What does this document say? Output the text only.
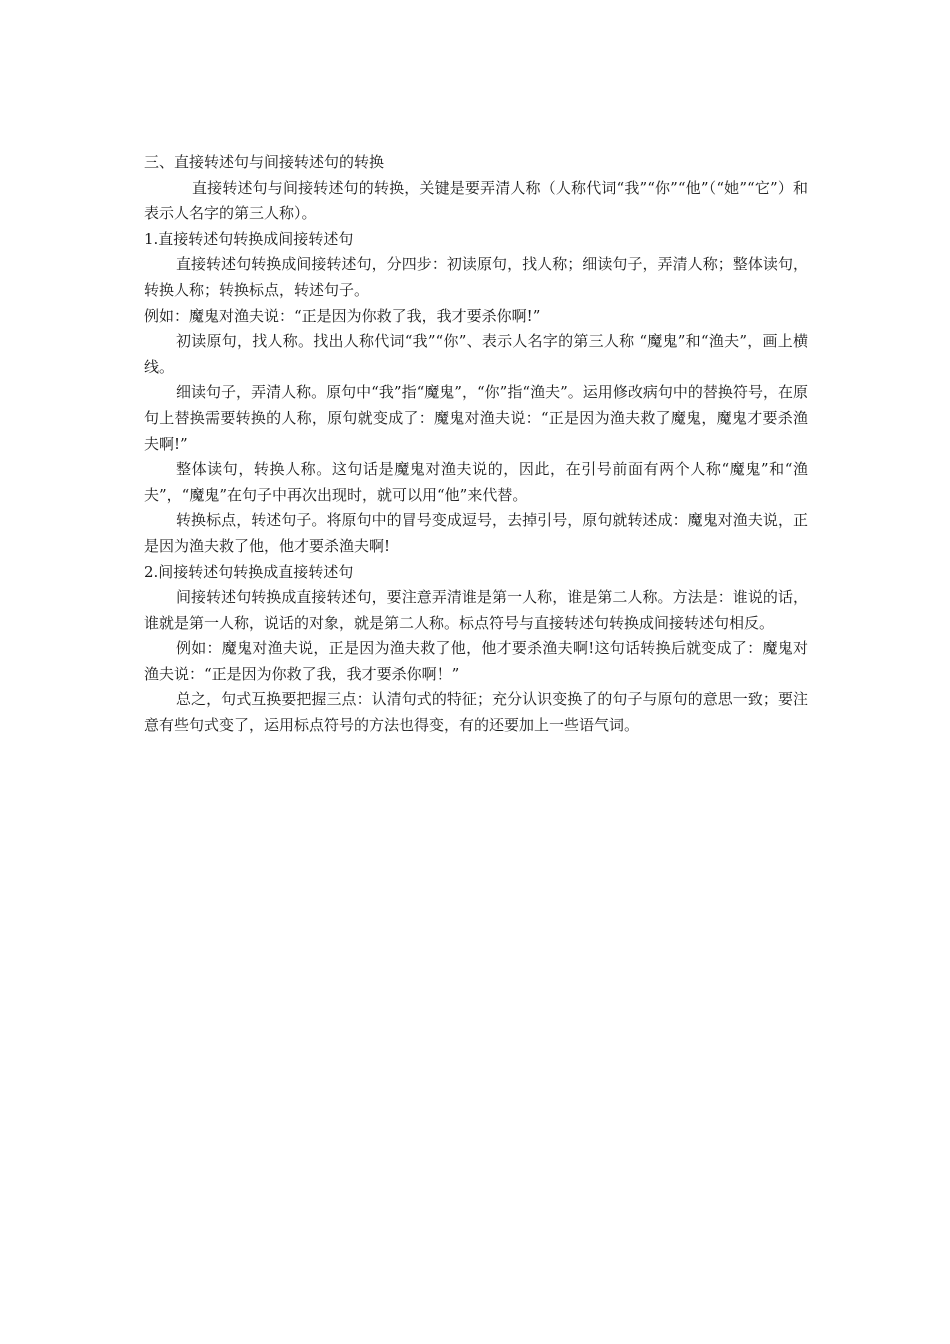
三、直接转述句与间接转述句的转换

直接转述句与间接转述句的转换，关键是要弄清人称（人称代词“我”“你”“他”（“她”“它”）和表示人名字的第三人称）。

1.直接转述句转换成间接转述句

直接转述句转换成间接转述句，分四步：初读原句，找人称；细读句子，弄清人称；整体读句，转换人称；转换标点，转述句子。

例如：魔鬼对渔夫说：“正是因为你救了我，我才要杀你啊!”

初读原句，找人称。找出人称代词“我”“你”、表示人名字的第三人称 “魔鬼”和“渔夫”，画上横线。

细读句子，弄清人称。原句中“我”指“魔鬼”，“你”指“渔夫”。运用修改病句中的替换符号，在原句上替换需要转换的人称，原句就变成了：魔鬼对渔夫说：“正是因为渔夫救了魔鬼，魔鬼才要杀渔夫啊!”

整体读句，转换人称。这句话是魔鬼对渔夫说的，因此，在引号前面有两个人称“魔鬼”和“渔夫”，“魔鬼”在句子中再次出现时，就可以用“他”来代替。

转换标点，转述句子。将原句中的冒号变成逗号，去掉引号，原句就转述成：魔鬼对渔夫说，正是因为渔夫救了他，他才要杀渔夫啊!

2.间接转述句转换成直接转述句

间接转述句转换成直接转述句，要注意弄清谁是第一人称，谁是第二人称。方法是：谁说的话，谁就是第一人称，说话的对象，就是第二人称。标点符号与直接转述句转换成间接转述句相反。

例如：魔鬼对渔夫说，正是因为渔夫救了他，他才要杀渔夫啊!这句话转换后就变成了：魔鬼对渔夫说：“正是因为你救了我，我才要杀你啊！”

总之，句式互换要把握三点：认清句式的特征；充分认识变换了的句子与原句的意思一致；要注意有些句式变了，运用标点符号的方法也得变，有的还要加上一些语气词。
